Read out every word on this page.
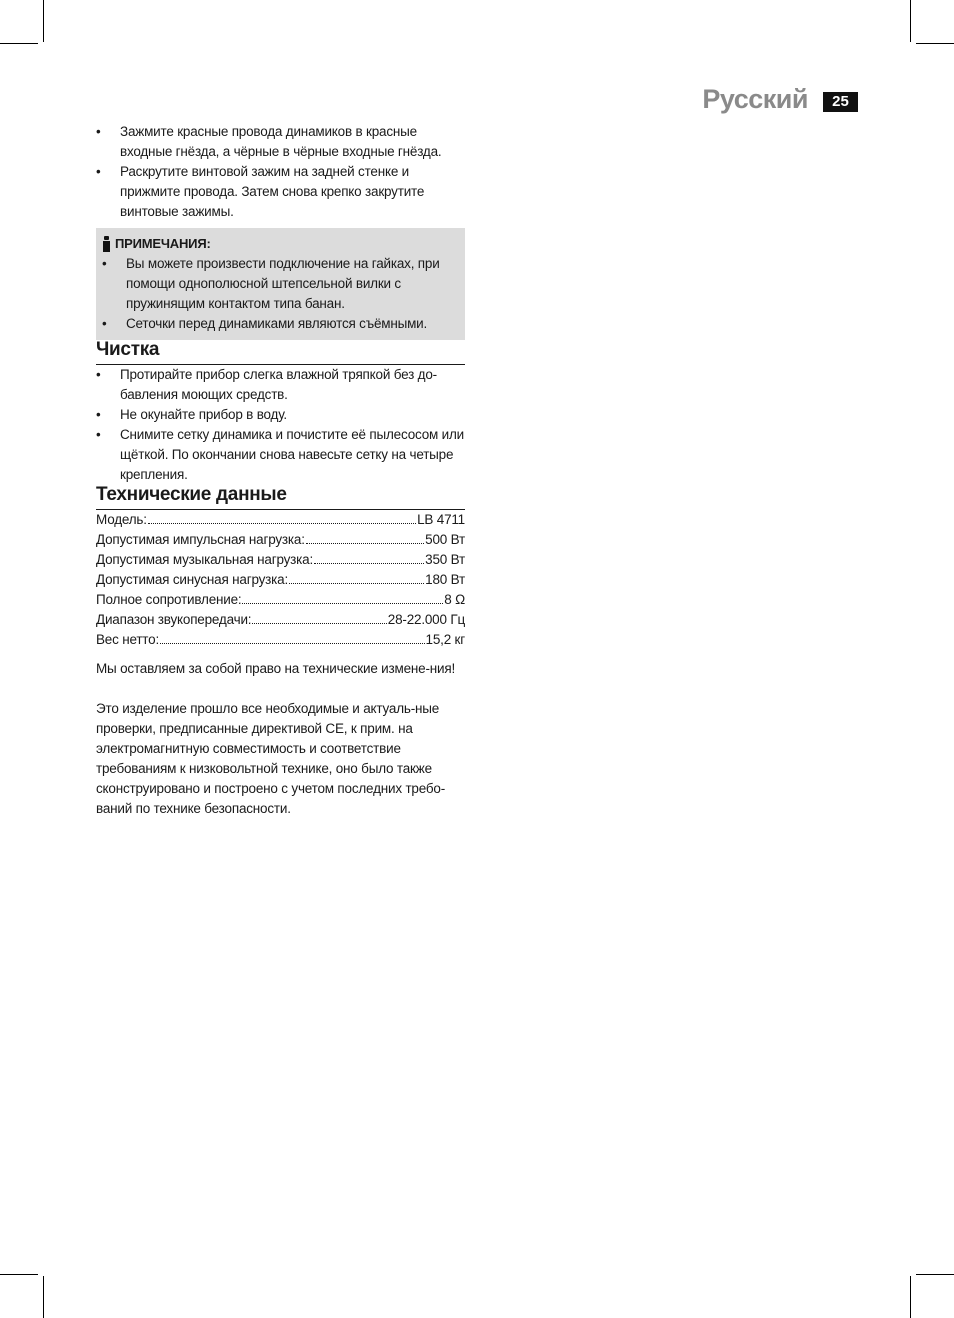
Русский	25
• Зажмите красные провода динамиков в красные входные гнёзда, а чёрные в чёрные входные гнёзда.
• Раскрутите винтовой зажим на задней стенке и прижмите провода. Затем снова крепко закрутите винтовые зажимы.
ПРИМЕЧАНИЯ:
• Вы можете произвести подключение на гайках, при помощи однополюсной штепсельной вилки с пружинящим контактом типа банан.
• Сеточки перед динамиками являются съёмными.
Чистка
• Протирайте прибор слегка влажной тряпкой без до-бавления моющих средств.
• Не окунайте прибор в воду.
• Снимите сетку динамика и почистите её пылесосом или щёткой. По окончании снова навесьте сетку на четыре крепления.
Технические данные
Модель:	LB 4711
Допустимая импульсная нагрузка:	500 Вт
Допустимая музыкальная нагрузка:	350 Вт
Допустимая синусная нагрузка:	180 Вт
Полное сопротивление:	8 Ω
Диапазон звукопередачи:	28-22.000 Гц
Вес нетто:	15,2 кг

Мы оставляем за собой право на технические измене-ния!

Это изделение прошло все необходимые и актуаль-ные проверки, предписанные директивой CE, к прим. на электромагнитную совместимость и соответствие требованиям к низковольтной технике, оно было также сконструировано и построено с учетом последних требо-ваний по технике безопасности.
